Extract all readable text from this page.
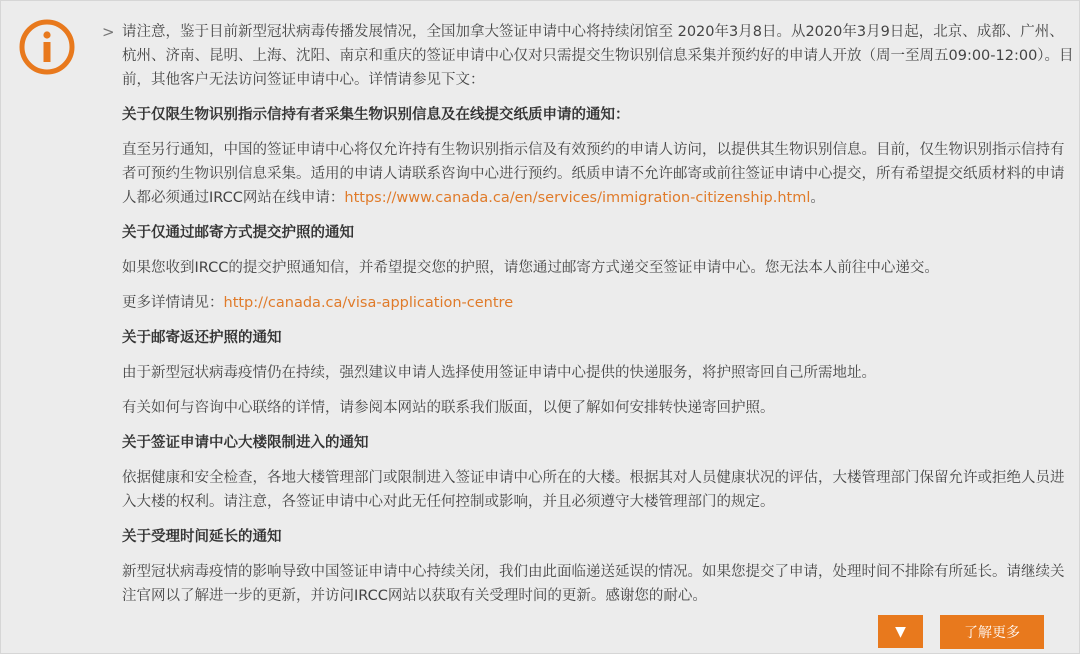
> 请注意，鉴于目前新型冠状病毒传播发展情况，全国加拿大签证申请中心将持续闭馆至 2020年3月8日。从2020年3月9日起，北京、成都、广州、杭州、济南、昆明、上海、沈阳、南京和重庆的签证申请中心仅对只需提交生物识别信息采集并预约好的申请人开放（周一至周五09:00-12:00）。目前，其他客户无法访问签证申请中心。详情请参见下文：

关于仅限生物识别指示信持有者采集生物识别信息及在线提交纸质申请的通知：

直至另行通知，中国的签证申请中心将仅允许持有生物识别指示信及有效预约的申请人访问，以提供其生物识别信息。目前，仅生物识别指示信持有者可预约生物识别信息采集。适用的申请人请联系咨询中心进行预约。纸质申请不允许邮寄或前往签证申请中心提交，所有希望提交纸质材料的申请人都必须通过IRCC网站在线申请：https://www.canada.ca/en/services/immigration-citizenship.html。

关于仅通过邮寄方式提交护照的通知

如果您收到IRCC的提交护照通知信，并希望提交您的护照，请您通过邮寄方式递交至签证申请中心。您无法本人前往中心递交。

更多详情请见：http://canada.ca/visa-application-centre

关于邮寄返还护照的通知

由于新型冠状病毒疫情仍在持续，强烈建议申请人选择使用签证申请中心提供的快递服务，将护照寄回自己所需地址。

有关如何与咨询中心联络的详情，请参阅本网站的联系我们版面，以便了解如何安排转快递寄回护照。

关于签证申请中心大楼限制进入的通知

依据健康和安全检查，各地大楼管理部门或限制进入签证申请中心所在的大楼。根据其对人员健康状况的评估，大楼管理部门保留允许或拒绝人员进入大楼的权利。请注意，各签证申请中心对此无任何控制或影响，并且必须遵守大楼管理部门的规定。

关于受理时间延长的通知

新型冠状病毒疫情的影响导致中国签证申请中心持续关闭，我们由此面临递送延误的情况。如果您提交了申请，处理时间不排除有所延长。请继续关注官网以了解进一步的更新，并访问IRCC网站以获取有关受理时间的更新。感谢您的耐心。

▼	了解更多
